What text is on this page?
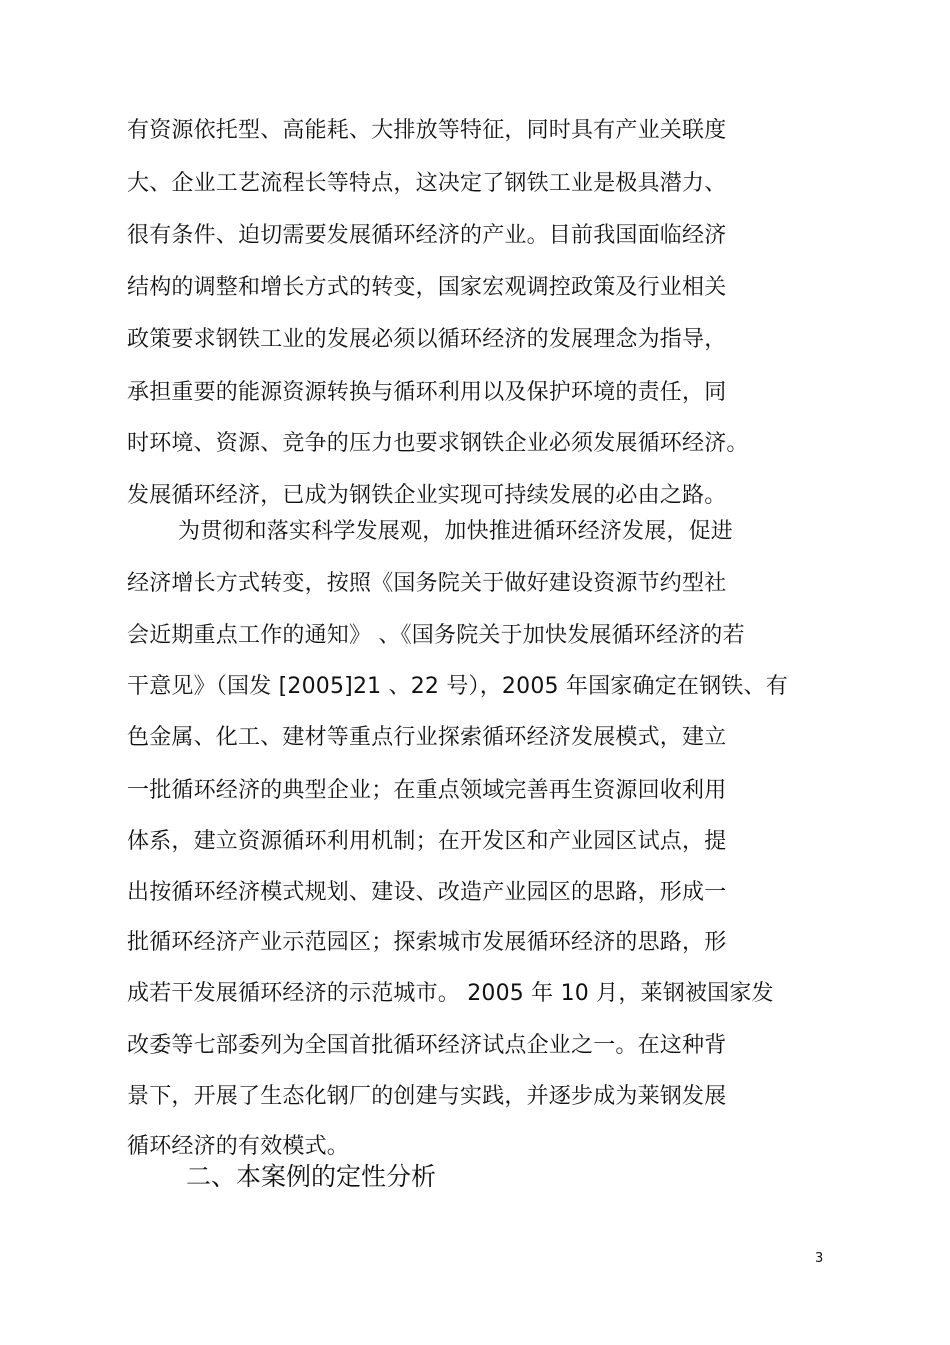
有资源依托型、高能耗、大排放等特征，同时具有产业关联度
大、企业工艺流程长等特点，这决定了钢铁工业是极具潜力、
很有条件、迫切需要发展循环经济的产业。目前我国面临经济
结构的调整和增长方式的转变，国家宏观调控政策及行业相关
政策要求钢铁工业的发展必须以循环经济的发展理念为指导，
承担重要的能源资源转换与循环利用以及保护环境的责任，同
时环境、资源、竞争的压力也要求钢铁企业必须发展循环经济。
发展循环经济，已成为钢铁企业实现可持续发展的必由之路。
为贯彻和落实科学发展观，加快推进循环经济发展，促进
经济增长方式转变，按照《国务院关于做好建设资源节约型社
会近期重点工作的通知》 、《国务院关于加快发展循环经济的若
干意见》（国发 [2005]21 、22 号），2005 年国家确定在钢铁、有
色金属、化工、建材等重点行业探索循环经济发展模式，建立
一批循环经济的典型企业；在重点领域完善再生资源回收利用
体系，建立资源循环利用机制；在开发区和产业园区试点，提
出按循环经济模式规划、建设、改造产业园区的思路，形成一
批循环经济产业示范园区；探索城市发展循环经济的思路，形
成若干发展循环经济的示范城市。 2005 年 10 月，莱钢被国家发
改委等七部委列为全国首批循环经济试点企业之一。在这种背
景下，开展了生态化钢厂的创建与实践，并逐步成为莱钢发展
循环经济的有效模式。
二、本案例的定性分析
3
